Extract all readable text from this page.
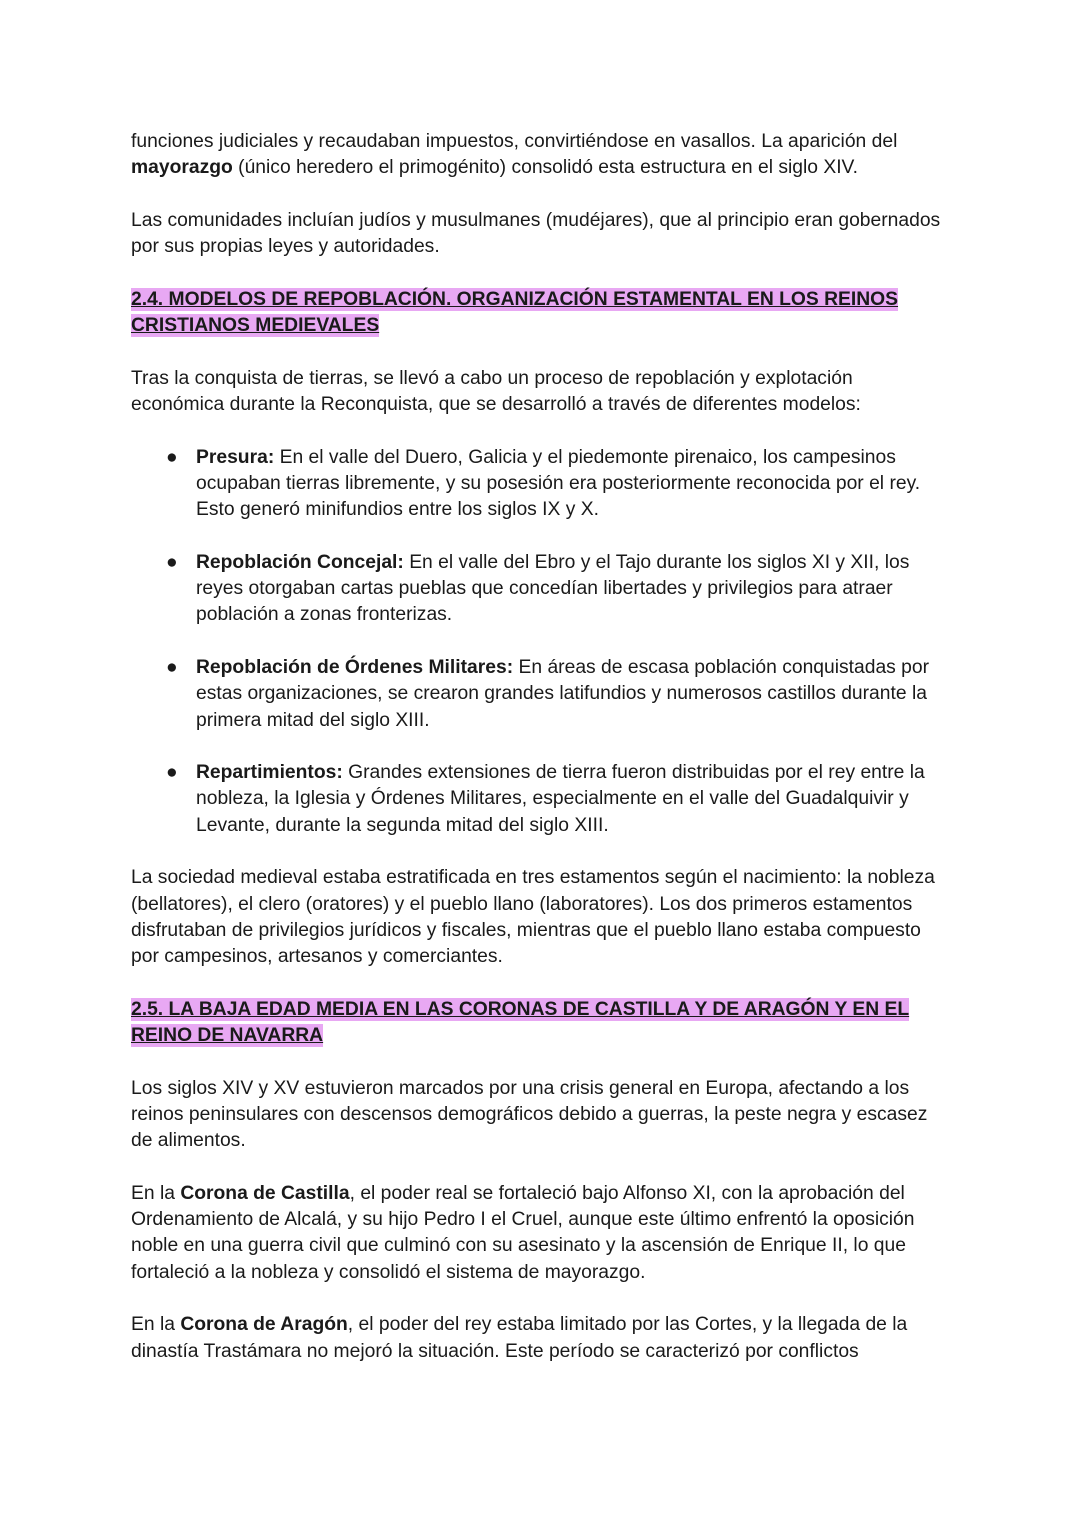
funciones judiciales y recaudaban impuestos, convirtiéndose en vasallos. La aparición del mayorazgo (único heredero el primogénito) consolidó esta estructura en el siglo XIV.

Las comunidades incluían judíos y musulmanes (mudéjares), que al principio eran gobernados por sus propias leyes y autoridades.

2.4. MODELOS DE REPOBLACIÓN. ORGANIZACIÓN ESTAMENTAL EN LOS REINOS CRISTIANOS MEDIEVALES

Tras la conquista de tierras, se llevó a cabo un proceso de repoblación y explotación económica durante la Reconquista, que se desarrolló a través de diferentes modelos:

● Presura: En el valle del Duero, Galicia y el piedemonte pirenaico, los campesinos ocupaban tierras libremente, y su posesión era posteriormente reconocida por el rey. Esto generó minifundios entre los siglos IX y X.
● Repoblación Concejal: En el valle del Ebro y el Tajo durante los siglos XI y XII, los reyes otorgaban cartas pueblas que concedían libertades y privilegios para atraer población a zonas fronterizas.
● Repoblación de Órdenes Militares: En áreas de escasa población conquistadas por estas organizaciones, se crearon grandes latifundios y numerosos castillos durante la primera mitad del siglo XIII.
● Repartimientos: Grandes extensiones de tierra fueron distribuidas por el rey entre la nobleza, la Iglesia y Órdenes Militares, especialmente en el valle del Guadalquivir y Levante, durante la segunda mitad del siglo XIII.

La sociedad medieval estaba estratificada en tres estamentos según el nacimiento: la nobleza (bellatores), el clero (oratores) y el pueblo llano (laboratores). Los dos primeros estamentos disfrutaban de privilegios jurídicos y fiscales, mientras que el pueblo llano estaba compuesto por campesinos, artesanos y comerciantes.

2.5. LA BAJA EDAD MEDIA EN LAS CORONAS DE CASTILLA Y DE ARAGÓN Y EN EL REINO DE NAVARRA

Los siglos XIV y XV estuvieron marcados por una crisis general en Europa, afectando a los reinos peninsulares con descensos demográficos debido a guerras, la peste negra y escasez de alimentos.

En la Corona de Castilla, el poder real se fortaleció bajo Alfonso XI, con la aprobación del Ordenamiento de Alcalá, y su hijo Pedro I el Cruel, aunque este último enfrentó la oposición noble en una guerra civil que culminó con su asesinato y la ascensión de Enrique II, lo que fortaleció a la nobleza y consolidó el sistema de mayorazgo.

En la Corona de Aragón, el poder del rey estaba limitado por las Cortes, y la llegada de la dinastía Trastámara no mejoró la situación. Este período se caracterizó por conflictos
